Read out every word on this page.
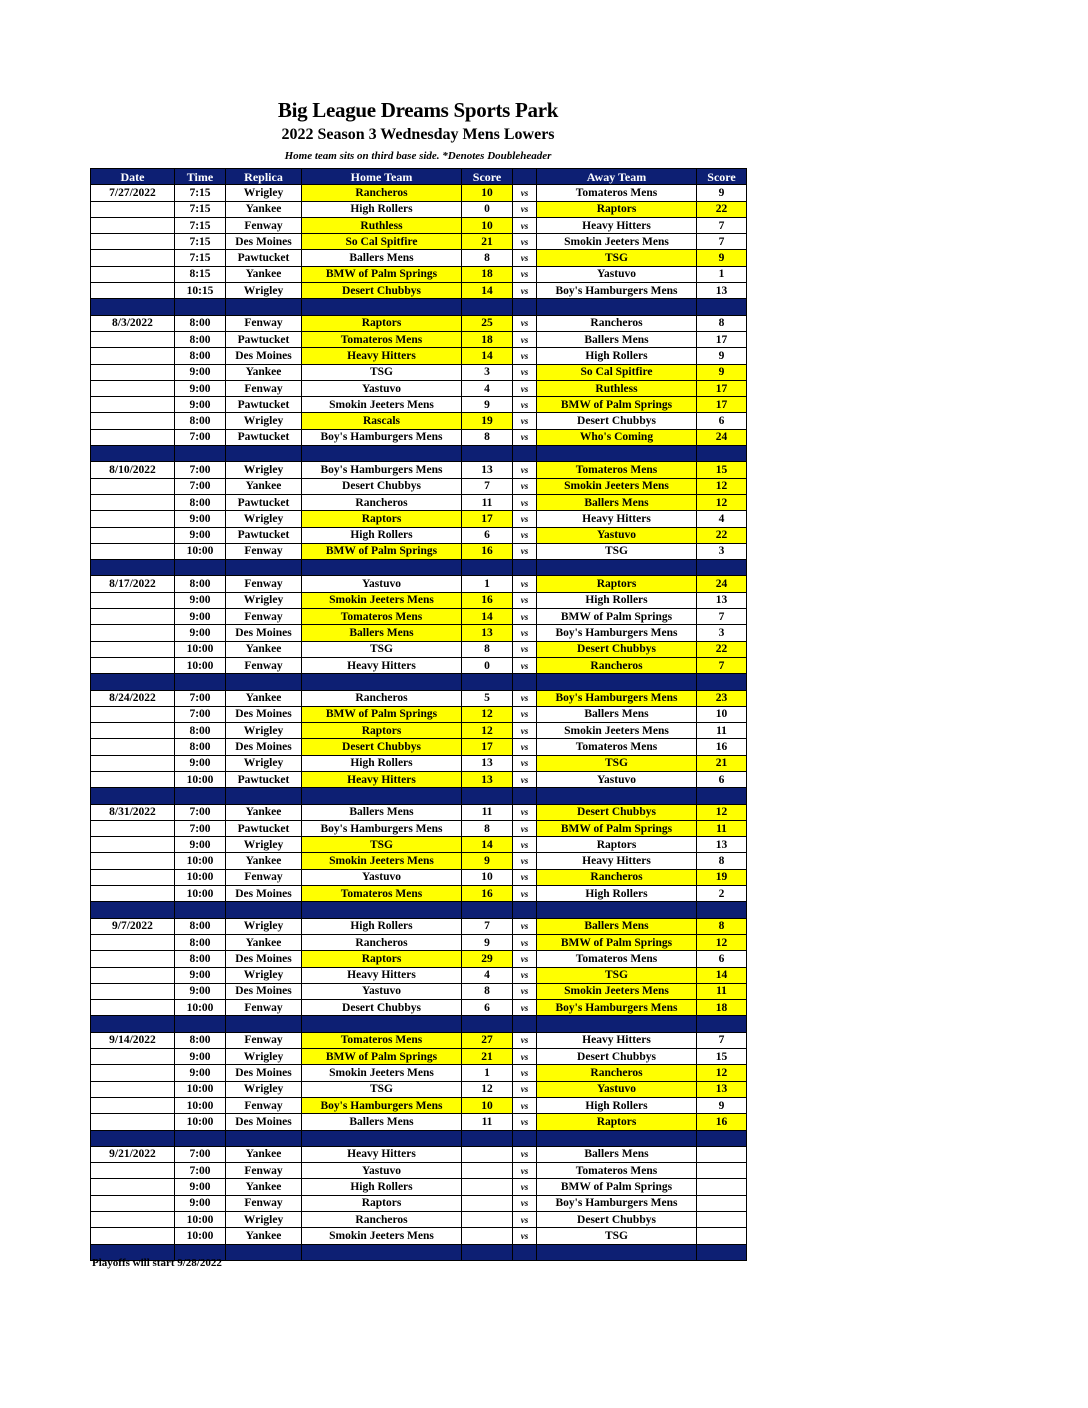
Big League Dreams Sports Park
2022 Season 3 Wednesday Mens Lowers
Home team sits on third base side. *Denotes Doubleheader
Date	Time	Replica	Home Team	Score		Away Team	Score
7/27/2022	7:15	Wrigley	Rancheros	10	vs	Tomateros Mens	9
	7:15	Yankee	High Rollers	0	vs	Raptors	22
	7:15	Fenway	Ruthless	10	vs	Heavy Hitters	7
	7:15	Des Moines	So Cal Spitfire	21	vs	Smokin Jeeters Mens	7
	7:15	Pawtucket	Ballers Mens	8	vs	TSG	9
	8:15	Yankee	BMW of Palm Springs	18	vs	Yastuvo	1
	10:15	Wrigley	Desert Chubbys	14	vs	Boy's Hamburgers Mens	13

8/3/2022	8:00	Fenway	Raptors	25	vs	Rancheros	8
	8:00	Pawtucket	Tomateros Mens	18	vs	Ballers Mens	17
	8:00	Des Moines	Heavy Hitters	14	vs	High Rollers	9
	9:00	Yankee	TSG	3	vs	So Cal Spitfire	9
	9:00	Fenway	Yastuvo	4	vs	Ruthless	17
	9:00	Pawtucket	Smokin Jeeters Mens	9	vs	BMW of Palm Springs	17
	8:00	Wrigley	Rascals	19	vs	Desert Chubbys	6
	7:00	Pawtucket	Boy's Hamburgers Mens	8	vs	Who's Coming	24

8/10/2022	7:00	Wrigley	Boy's Hamburgers Mens	13	vs	Tomateros Mens	15
	7:00	Yankee	Desert Chubbys	7	vs	Smokin Jeeters Mens	12
	8:00	Pawtucket	Rancheros	11	vs	Ballers Mens	12
	9:00	Wrigley	Raptors	17	vs	Heavy Hitters	4
	9:00	Pawtucket	High Rollers	6	vs	Yastuvo	22
	10:00	Fenway	BMW of Palm Springs	16	vs	TSG	3

8/17/2022	8:00	Fenway	Yastuvo	1	vs	Raptors	24
	9:00	Wrigley	Smokin Jeeters Mens	16	vs	High Rollers	13
	9:00	Fenway	Tomateros Mens	14	vs	BMW of Palm Springs	7
	9:00	Des Moines	Ballers Mens	13	vs	Boy's Hamburgers Mens	3
	10:00	Yankee	TSG	8	vs	Desert Chubbys	22
	10:00	Fenway	Heavy Hitters	0	vs	Rancheros	7

8/24/2022	7:00	Yankee	Rancheros	5	vs	Boy's Hamburgers Mens	23
	7:00	Des Moines	BMW of Palm Springs	12	vs	Ballers Mens	10
	8:00	Wrigley	Raptors	12	vs	Smokin Jeeters Mens	11
	8:00	Des Moines	Desert Chubbys	17	vs	Tomateros Mens	16
	9:00	Wrigley	High Rollers	13	vs	TSG	21
	10:00	Pawtucket	Heavy Hitters	13	vs	Yastuvo	6

8/31/2022	7:00	Yankee	Ballers Mens	11	vs	Desert Chubbys	12
	7:00	Pawtucket	Boy's Hamburgers Mens	8	vs	BMW of Palm Springs	11
	9:00	Wrigley	TSG	14	vs	Raptors	13
	10:00	Yankee	Smokin Jeeters Mens	9	vs	Heavy Hitters	8
	10:00	Fenway	Yastuvo	10	vs	Rancheros	19
	10:00	Des Moines	Tomateros Mens	16	vs	High Rollers	2

9/7/2022	8:00	Wrigley	High Rollers	7	vs	Ballers Mens	8
	8:00	Yankee	Rancheros	9	vs	BMW of Palm Springs	12
	8:00	Des Moines	Raptors	29	vs	Tomateros Mens	6
	9:00	Wrigley	Heavy Hitters	4	vs	TSG	14
	9:00	Des Moines	Yastuvo	8	vs	Smokin Jeeters Mens	11
	10:00	Fenway	Desert Chubbys	6	vs	Boy's Hamburgers Mens	18

9/14/2022	8:00	Fenway	Tomateros Mens	27	vs	Heavy Hitters	7
	9:00	Wrigley	BMW of Palm Springs	21	vs	Desert Chubbys	15
	9:00	Des Moines	Smokin Jeeters Mens	1	vs	Rancheros	12
	10:00	Wrigley	TSG	12	vs	Yastuvo	13
	10:00	Fenway	Boy's Hamburgers Mens	10	vs	High Rollers	9
	10:00	Des Moines	Ballers Mens	11	vs	Raptors	16

9/21/2022	7:00	Yankee	Heavy Hitters		vs	Ballers Mens	
	7:00	Fenway	Yastuvo		vs	Tomateros Mens	
	9:00	Yankee	High Rollers		vs	BMW of Palm Springs	
	9:00	Fenway	Raptors		vs	Boy's Hamburgers Mens	
	10:00	Wrigley	Rancheros		vs	Desert Chubbys	
	10:00	Yankee	Smokin Jeeters Mens		vs	TSG	

Playoffs will start 9/28/2022
